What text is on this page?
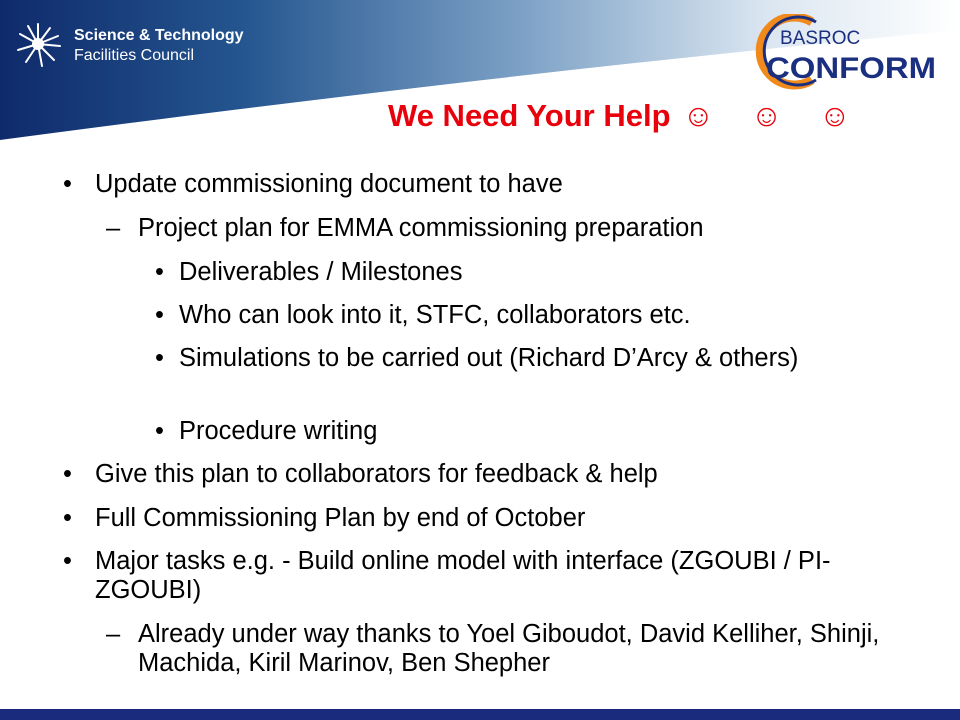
Science & Technology
Facilities Council
BASROC
CONFORM
We Need Your Help ☺ ☺ ☺
• Update commissioning document to have
– Project plan for EMMA commissioning preparation
• Deliverables / Milestones
• Who can look into it, STFC, collaborators etc.
• Simulations to be carried out (Richard D’Arcy & others)
• Procedure writing
• Give this plan to collaborators for feedback & help
• Full Commissioning Plan by end of October
• Major tasks e.g. - Build online model with interface (ZGOUBI / PI-ZGOUBI)
– Already under way thanks to Yoel Giboudot, David Kelliher, Shinji, Machida, Kiril Marinov, Ben Shepher
